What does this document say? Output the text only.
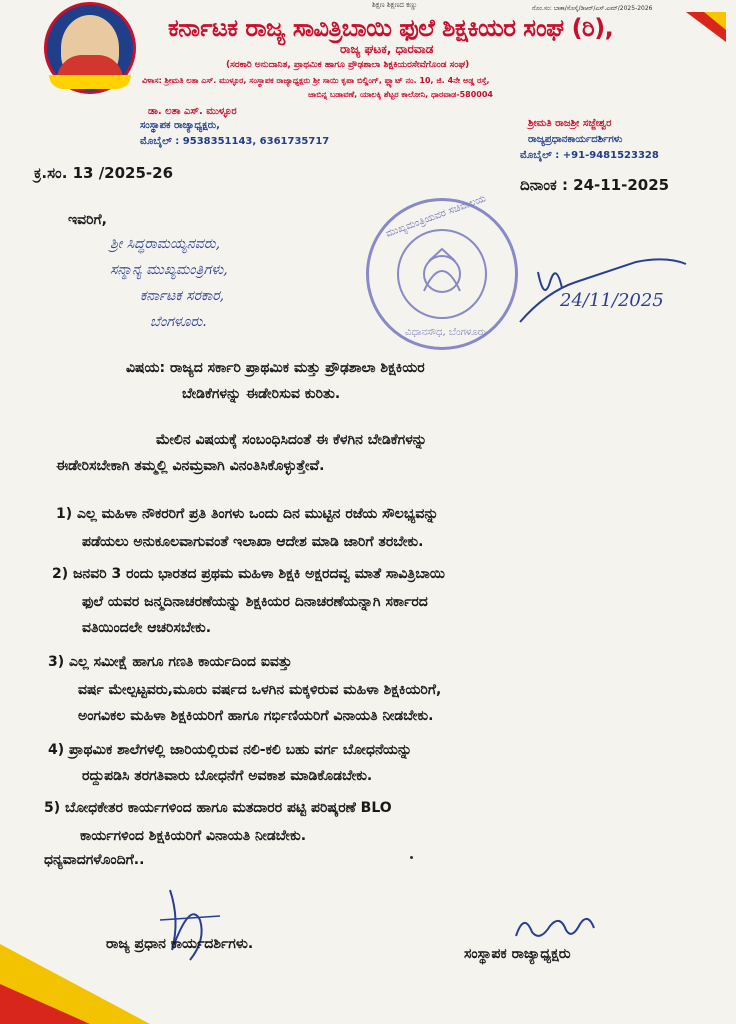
ಶಿಕ್ಷಣ ಶಿಕ್ಷಣದ ಕಣ್ಣು	ನೊಂ.ಸಂ: ಬಾಕಾ/ಸೊಸೈ/ಡಿಆರ್/ಎಸ್.ಎಮ್/2025-2026
ಕರ್ನಾಟಕ ರಾಜ್ಯ ಸಾವಿತ್ರಿಬಾಯಿ ಫುಲೆ ಶಿಕ್ಷಕಿಯರ ಸಂಘ (ರಿ),
ರಾಜ್ಯ ಘಟಕ, ಧಾರವಾಡ
(ಸರಕಾರಿ ಅನುದಾನಿತ, ಪ್ರಾಥಮಿಕ ಹಾಗೂ ಪ್ರೌಢಶಾಲಾ ಶಿಕ್ಷಕಿಯರಸೇವೆಗೊಂಡ ಸಂಘ)
ವಿಳಾಸ: ಶ್ರೀಮತಿ ಲತಾ ಎಸ್. ಮುಳ್ಳೂರ, ಸಂಸ್ಥಾಪಕ ರಾಜ್ಯಾಧ್ಯಕ್ಷರು ಶ್ರೀ ಸಾಯಿ ಕೃಪಾ ಬಿಲ್ಡಿಂಗ್, ಫ್ಲ್ಯಾಟ್ ನಂ. 10, ಜಿ. 4ನೇ ಅಡ್ಡ ರಸ್ತೆ,
ಜಾಬಿನ್ನ ಬಡಾವಣೆ, ಯಾಲಕ್ಕಿ ಶೆಟ್ಟರ ಕಾಲೋನಿ, ಧಾರವಾಡ-580004
ಡಾ. ಲತಾ ಎಸ್. ಮುಳ್ಳೂರ
ಸಂಸ್ಥಾಪಕ ರಾಜ್ಯಾಧ್ಯಕ್ಷರು,
ಮೊಬೈಲ್ : 9538351143, 6361735717
ಶ್ರೀಮತಿ ರಾಜಶ್ರೀ ಸಜ್ಜೇಶ್ವರ
ರಾಜ್ಯಪ್ರಧಾನಕಾರ್ಯದರ್ಶಿಗಳು
ಮೊಬೈಲ್ : +91-9481523328
ಕ್ರ.ಸಂ. 13 /2025-26
ದಿನಾಂಕ : 24-11-2025
ಇವರಿಗೆ,
ಶ್ರೀ ಸಿದ್ಧರಾಮಯ್ಯನವರು,
ಸನ್ಮಾನ್ಯ ಮುಖ್ಯಮಂತ್ರಿಗಳು,
ಕರ್ನಾಟಕ ಸರಕಾರ,
ಬೆಂಗಳೂರು.
ಮುಖ್ಯಮಂತ್ರಿಯವರ ಸಚಿವಾಲಯ
ವಿಧಾನಸೌಧ, ಬೆಂಗಳೂರು
24/11/2025
ವಿಷಯ: ರಾಜ್ಯದ ಸರ್ಕಾರಿ ಪ್ರಾಥಮಿಕ ಮತ್ತು ಪ್ರೌಢಶಾಲಾ ಶಿಕ್ಷಕಿಯರ
ಬೇಡಿಕೆಗಳನ್ನು ಈಡೇರಿಸುವ ಕುರಿತು.
ಮೇಲಿನ ವಿಷಯಕ್ಕೆ ಸಂಬಂಧಿಸಿದಂತೆ ಈ ಕೆಳಗಿನ ಬೇಡಿಕೆಗಳನ್ನು
ಈಡೇರಿಸಬೇಕಾಗಿ ತಮ್ಮಲ್ಲಿ ವಿನಮ್ರವಾಗಿ ವಿನಂತಿಸಿಕೊಳ್ಳುತ್ತೇವೆ.
1) ಎಲ್ಲ ಮಹಿಳಾ ನೌಕರರಿಗೆ ಪ್ರತಿ ತಿಂಗಳು ಒಂದು ದಿನ ಮುಟ್ಟಿನ ರಜೆಯ ಸೌಲಭ್ಯವನ್ನು
ಪಡೆಯಲು ಅನುಕೂಲವಾಗುವಂತೆ ಇಲಾಖಾ ಆದೇಶ ಮಾಡಿ ಜಾರಿಗೆ ತರಬೇಕು.
2) ಜನವರಿ 3 ರಂದು ಭಾರತದ ಪ್ರಥಮ ಮಹಿಳಾ ಶಿಕ್ಷಕಿ ಅಕ್ಷರದವ್ವ ಮಾತೆ ಸಾವಿತ್ರಿಬಾಯಿ
ಫುಲೆ ಯವರ ಜನ್ಮದಿನಾಚರಣೆಯನ್ನು ಶಿಕ್ಷಕಿಯರ ದಿನಾಚರಣೆಯನ್ನಾಗಿ ಸರ್ಕಾರದ
ವತಿಯಿಂದಲೇ ಆಚರಿಸಬೇಕು.
3) ಎಲ್ಲ ಸಮೀಕ್ಷೆ ಹಾಗೂ ಗಣತಿ ಕಾರ್ಯದಿಂದ ಐವತ್ತು
ವರ್ಷ ಮೇಲ್ಪಟ್ಟವರು,ಮೂರು ವರ್ಷದ ಒಳಗಿನ ಮಕ್ಕಳಿರುವ ಮಹಿಳಾ ಶಿಕ್ಷಕಿಯರಿಗೆ,
ಅಂಗವಿಕಲ ಮಹಿಳಾ ಶಿಕ್ಷಕಿಯರಿಗೆ ಹಾಗೂ ಗರ್ಭಿಣಿಯರಿಗೆ ವಿನಾಯತಿ ನೀಡಬೇಕು.
4) ಪ್ರಾಥಮಿಕ ಶಾಲೆಗಳಲ್ಲಿ ಜಾರಿಯಲ್ಲಿರುವ ನಲಿ-ಕಲಿ ಬಹು ವರ್ಗ ಬೋಧನೆಯನ್ನು
ರದ್ದುಪಡಿಸಿ ತರಗತಿವಾರು ಬೋಧನೆಗೆ ಅವಕಾಶ ಮಾಡಿಕೊಡಬೇಕು.
5) ಬೋಧಕೇತರ ಕಾರ್ಯಗಳಿಂದ ಹಾಗೂ ಮತದಾರರ ಪಟ್ಟಿ ಪರಿಷ್ಕರಣೆ BLO
ಕಾರ್ಯಗಳಿಂದ ಶಿಕ್ಷಕಿಯರಿಗೆ ವಿನಾಯತಿ ನೀಡಬೇಕು.
ಧನ್ಯವಾದಗಳೊಂದಿಗೆ..
ರಾಜ್ಯ ಪ್ರಧಾನ ಕಾರ್ಯದರ್ಶಿಗಳು.
ಸಂಸ್ಥಾಪಕ ರಾಜ್ಯಾಧ್ಯಕ್ಷರು
